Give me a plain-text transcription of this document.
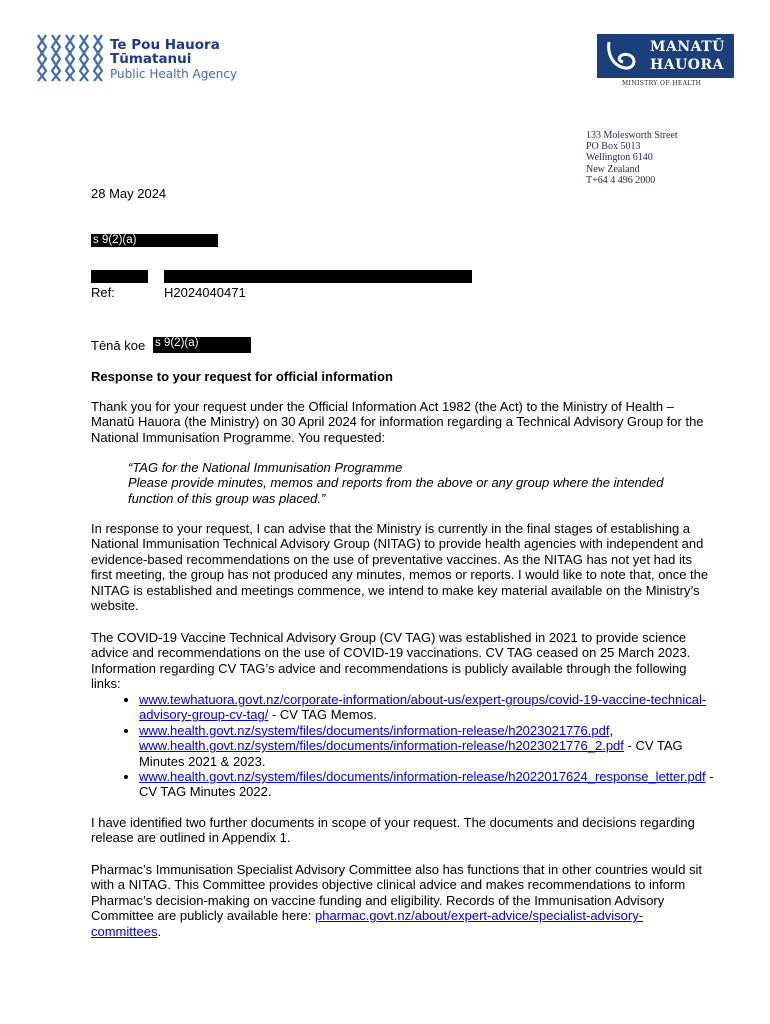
Te Pou Hauora
Tūmatanui
Public Health Agency
MANATŪ
HAUORA
MINISTRY OF HEALTH
133 Molesworth Street
PO Box 5013
Wellington 6140
New Zealand
T+64 4 496 2000
28 May 2024
s 9(2)(a)
Ref:	H2024040471
Tēnā koe s 9(2)(a)
Response to your request for official information
Thank you for your request under the Official Information Act 1982 (the Act) to the Ministry of Health – Manatū Hauora (the Ministry) on 30 April 2024 for information regarding a Technical Advisory Group for the National Immunisation Programme. You requested:
“TAG for the National Immunisation Programme
Please provide minutes, memos and reports from the above or any group where the intended function of this group was placed.”
In response to your request, I can advise that the Ministry is currently in the final stages of establishing a National Immunisation Technical Advisory Group (NITAG) to provide health agencies with independent and evidence-based recommendations on the use of preventative vaccines. As the NITAG has not yet had its first meeting, the group has not produced any minutes, memos or reports. I would like to note that, once the NITAG is established and meetings commence, we intend to make key material available on the Ministry’s website.
The COVID-19 Vaccine Technical Advisory Group (CV TAG) was established in 2021 to provide science advice and recommendations on the use of COVID-19 vaccinations. CV TAG ceased on 25 March 2023. Information regarding CV TAG’s advice and recommendations is publicly available through the following links:
• www.tewhatuora.govt.nz/corporate-information/about-us/expert-groups/covid-19-vaccine-technical-advisory-group-cv-tag/ - CV TAG Memos.
• www.health.govt.nz/system/files/documents/information-release/h2023021776.pdf, www.health.govt.nz/system/files/documents/information-release/h2023021776_2.pdf - CV TAG Minutes 2021 & 2023.
• www.health.govt.nz/system/files/documents/information-release/h2022017624_response_letter.pdf - CV TAG Minutes 2022.
I have identified two further documents in scope of your request. The documents and decisions regarding release are outlined in Appendix 1.
Pharmac’s Immunisation Specialist Advisory Committee also has functions that in other countries would sit with a NITAG. This Committee provides objective clinical advice and makes recommendations to inform Pharmac’s decision-making on vaccine funding and eligibility. Records of the Immunisation Advisory Committee are publicly available here: pharmac.govt.nz/about/expert-advice/specialist-advisory-committees.
